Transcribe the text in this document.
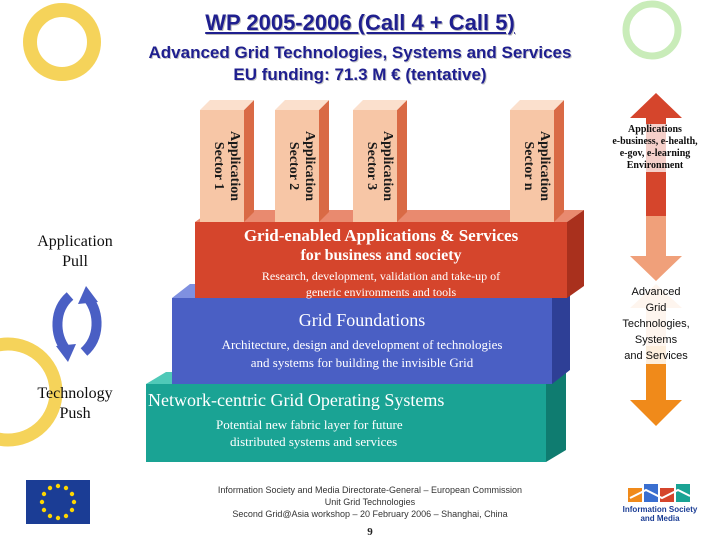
WP 2005-2006 (Call 4 + Call 5)
Advanced Grid Technologies, Systems and Services
EU funding: 71.3 M € (tentative)
Application
Sector 1	Application
Sector 2	Application
Sector 3	Application
Sector n
Grid-enabled Applications & Services
for business and society
Research, development, validation and take-up of
generic environments and tools
Grid Foundations
Architecture, design and development of technologies
and systems for building the invisible Grid
Network-centric Grid Operating Systems
Potential new fabric layer for future
distributed systems and services
Application
Pull
Technology
Push
Applications
e-business, e-health,
e-gov, e-learning
Environment
Advanced
Grid
Technologies,
Systems
and Services
Information Society and Media Directorate-General – European Commission
Unit Grid Technologies
Second Grid@Asia workshop – 20 February 2006 – Shanghai, China
9
Information Society
and Media
